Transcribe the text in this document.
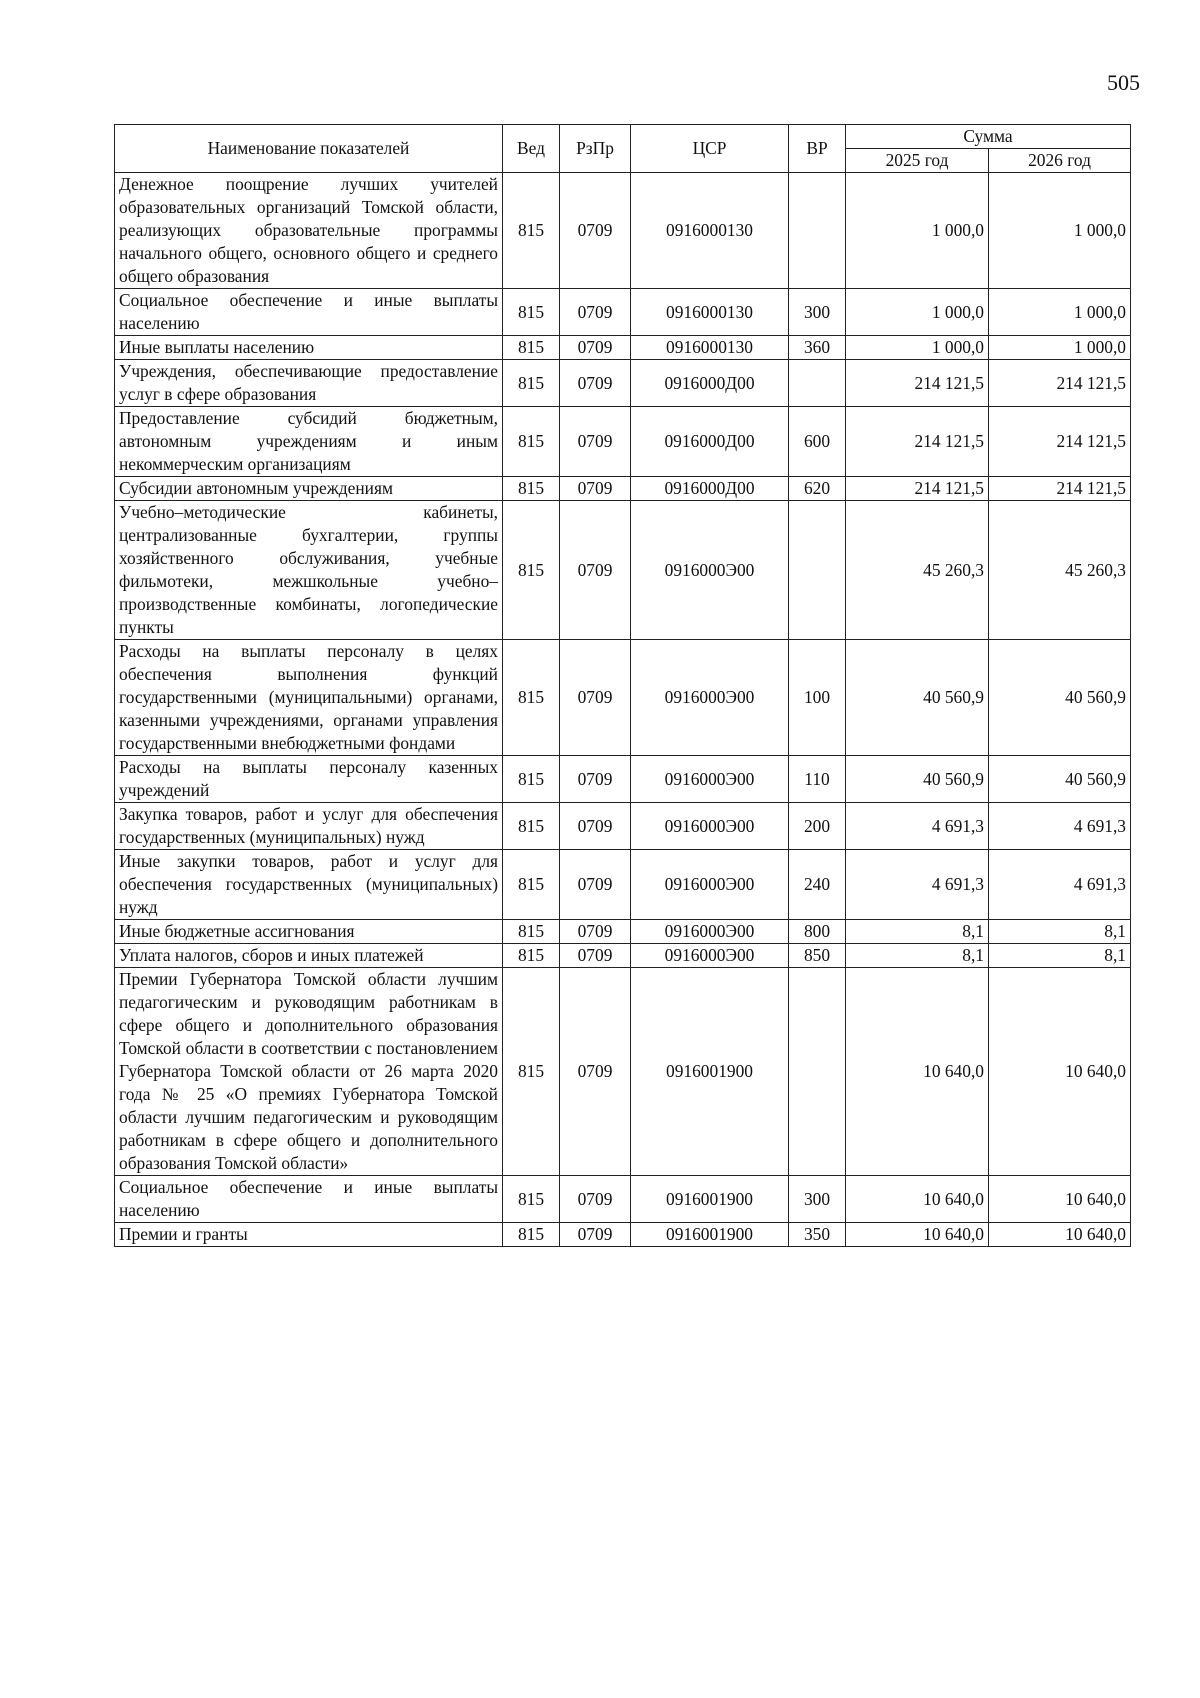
505
Наименование показателей	Вед	РзПр	ЦСР	ВР	Сумма	
					2025 год	2026 год
Денежное поощрение лучших учителей образовательных организаций Томской области, реализующих образовательные программы начального общего, основного общего и среднего общего образования	815	0709	0916000130		1 000,0	1 000,0
Социальное обеспечение и иные выплаты населению	815	0709	0916000130	300	1 000,0	1 000,0
Иные выплаты населению	815	0709	0916000130	360	1 000,0	1 000,0
Учреждения, обеспечивающие предоставление услуг в сфере образования	815	0709	0916000Д00		214 121,5	214 121,5
Предоставление субсидий бюджетным, автономным учреждениям и иным некоммерческим организациям	815	0709	0916000Д00	600	214 121,5	214 121,5
Субсидии автономным учреждениям	815	0709	0916000Д00	620	214 121,5	214 121,5
Учебно–методические кабинеты, централизованные бухгалтерии, группы хозяйственного обслуживания, учебные фильмотеки, межшкольные учебно–производственные комбинаты, логопедические пункты	815	0709	0916000Э00		45 260,3	45 260,3
Расходы на выплаты персоналу в целях обеспечения выполнения функций государственными (муниципальными) органами, казенными учреждениями, органами управления государственными внебюджетными фондами	815	0709	0916000Э00	100	40 560,9	40 560,9
Расходы на выплаты персоналу казенных учреждений	815	0709	0916000Э00	110	40 560,9	40 560,9
Закупка товаров, работ и услуг для обеспечения государственных (муниципальных) нужд	815	0709	0916000Э00	200	4 691,3	4 691,3
Иные закупки товаров, работ и услуг для обеспечения государственных (муниципальных) нужд	815	0709	0916000Э00	240	4 691,3	4 691,3
Иные бюджетные ассигнования	815	0709	0916000Э00	800	8,1	8,1
Уплата налогов, сборов и иных платежей	815	0709	0916000Э00	850	8,1	8,1
Премии Губернатора Томской области лучшим педагогическим и руководящим работникам в сфере общего и дополнительного образования Томской области в соответствии с постановлением Губернатора Томской области от 26 марта 2020 года № 25 «О премиях Губернатора Томской области лучшим педагогическим и руководящим работникам в сфере общего и дополнительного образования Томской области»	815	0709	0916001900		10 640,0	10 640,0
Социальное обеспечение и иные выплаты населению	815	0709	0916001900	300	10 640,0	10 640,0
Премии и гранты	815	0709	0916001900	350	10 640,0	10 640,0
